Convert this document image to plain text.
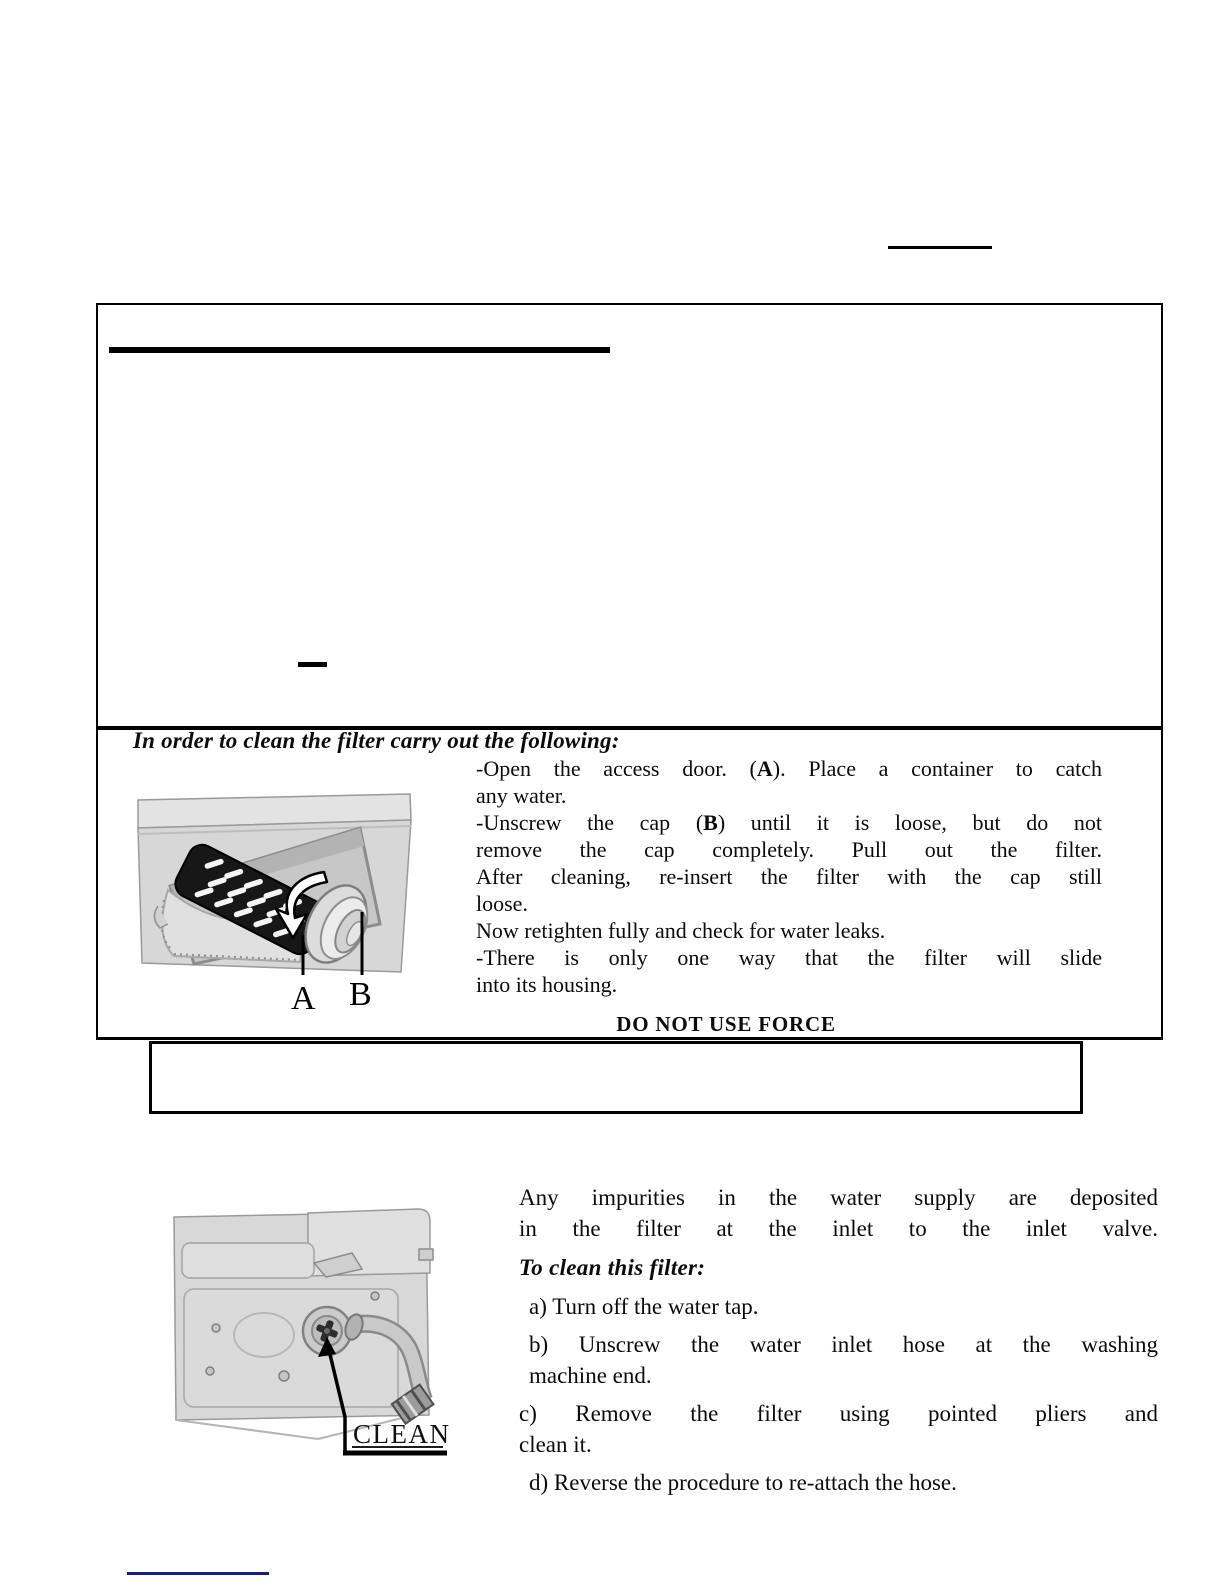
In order to clean the filter carry out the following:
A B
-Open the access door. (A). Place a container to catch
any water.
-Unscrew the cap (B) until it is loose, but do not
remove the cap completely. Pull out the filter.
After cleaning, re-insert the filter with the cap still
loose.
Now retighten fully and check for water leaks.
-There is only one way that the filter will slide
into its housing.
DO NOT USE FORCE
CLEAN
Any impurities in the water supply are deposited
in the filter at the inlet to the inlet valve.
To clean this filter:
a) Turn off the water tap.
b) Unscrew the water inlet hose at the washing
machine end.
c) Remove the filter using pointed pliers and
clean it.
d) Reverse the procedure to re-attach the hose.
